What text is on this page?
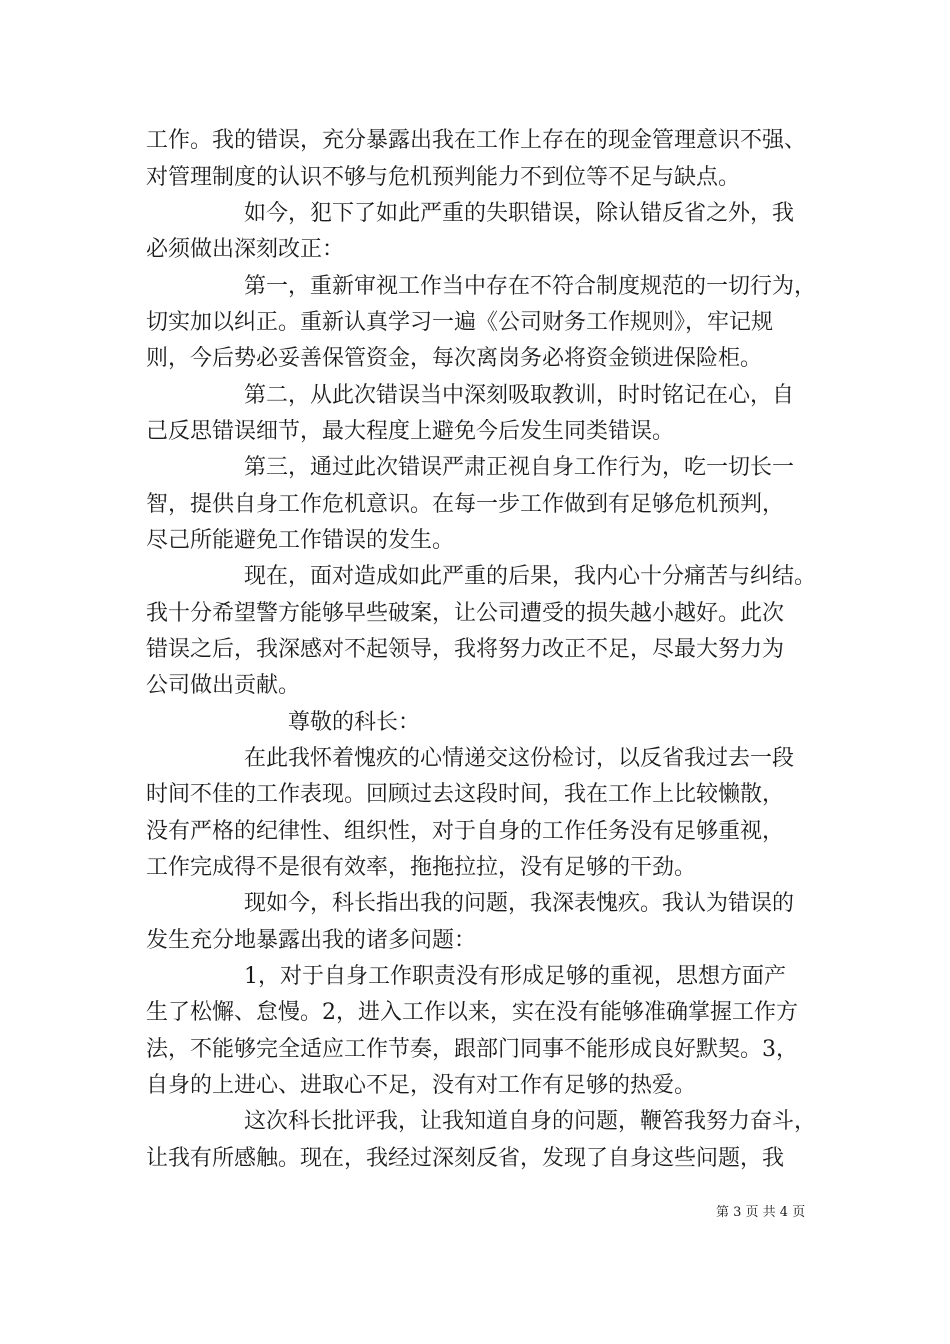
工作。我的错误，充分暴露出我在工作上存在的现金管理意识不强、
对管理制度的认识不够与危机预判能力不到位等不足与缺点。
如今，犯下了如此严重的失职错误，除认错反省之外，我
必须做出深刻改正：
第一，重新审视工作当中存在不符合制度规范的一切行为，
切实加以纠正。重新认真学习一遍《公司财务工作规则》，牢记规
则，今后势必妥善保管资金，每次离岗务必将资金锁进保险柜。
第二，从此次错误当中深刻吸取教训，时时铭记在心，自
己反思错误细节，最大程度上避免今后发生同类错误。
第三，通过此次错误严肃正视自身工作行为，吃一切长一
智，提供自身工作危机意识。在每一步工作做到有足够危机预判，
尽己所能避免工作错误的发生。
现在，面对造成如此严重的后果，我内心十分痛苦与纠结。
我十分希望警方能够早些破案，让公司遭受的损失越小越好。此次
错误之后，我深感对不起领导，我将努力改正不足，尽最大努力为
公司做出贡献。
尊敬的科长：
在此我怀着愧疚的心情递交这份检讨，以反省我过去一段
时间不佳的工作表现。回顾过去这段时间，我在工作上比较懒散，
没有严格的纪律性、组织性，对于自身的工作任务没有足够重视，
工作完成得不是很有效率，拖拖拉拉，没有足够的干劲。
现如今，科长指出我的问题，我深表愧疚。我认为错误的
发生充分地暴露出我的诸多问题：
1，对于自身工作职责没有形成足够的重视，思想方面产
生了松懈、怠慢。2，进入工作以来，实在没有能够准确掌握工作方
法，不能够完全适应工作节奏，跟部门同事不能形成良好默契。3，
自身的上进心、进取心不足，没有对工作有足够的热爱。
这次科长批评我，让我知道自身的问题，鞭笞我努力奋斗，
让我有所感触。现在，我经过深刻反省，发现了自身这些问题，我
第 3 页 共 4 页
